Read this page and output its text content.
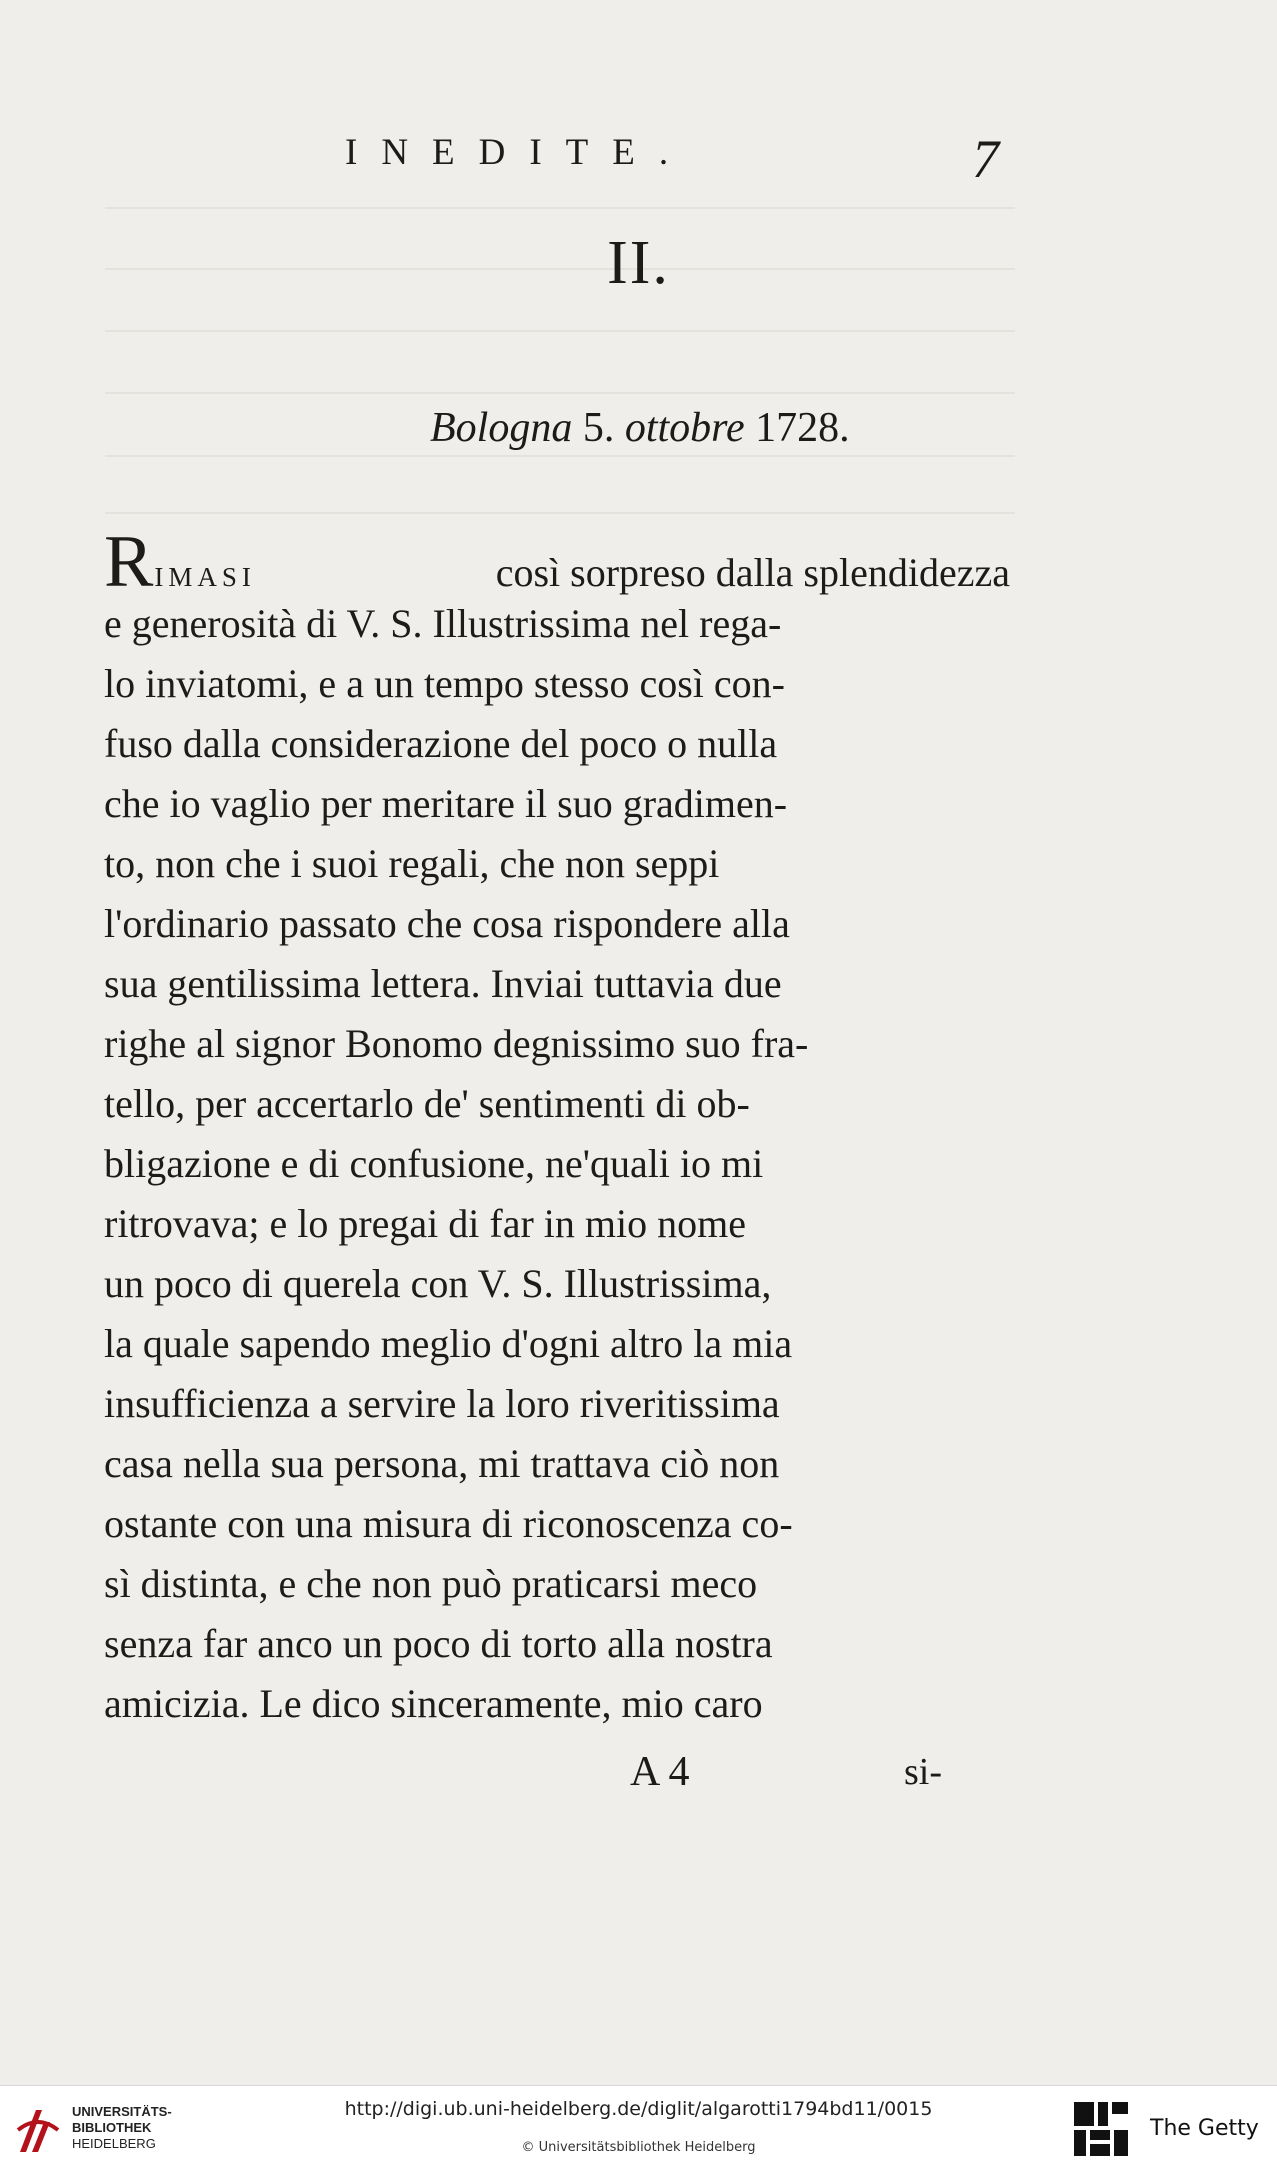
INEDITE.	7
II.
Bologna 5. ottobre 1728.
RIMASI	così sorpreso dalla splendidezza
e generosità di V. S. Illustrissima nel rega-
lo inviatomi, e a un tempo stesso così con-
fuso dalla considerazione del poco o nulla
che io vaglio per meritare il suo gradimen-
to, non che i suoi regali, che non seppi
l'ordinario passato che cosa rispondere alla
sua gentilissima lettera. Inviai tuttavia due
righe al signor Bonomo degnissimo suo fra-
tello, per accertarlo de' sentimenti di ob-
bligazione e di confusione, ne'quali io mi
ritrovava; e lo pregai di far in mio nome
un poco di querela con V. S. Illustrissima,
la quale sapendo meglio d'ogni altro la mia
insufficienza a servire la loro riveritissima
casa nella sua persona, mi trattava ciò non
ostante con una misura di riconoscenza co-
sì distinta, e che non può praticarsi meco
senza far anco un poco di torto alla nostra
amicizia. Le dico sinceramente, mio caro
A 4	si-
UNIVERSITÄTS-
BIBLIOTHEK
HEIDELBERG
http://digi.ub.uni-heidelberg.de/diglit/algarotti1794bd11/0015
© Universitätsbibliothek Heidelberg
The Getty
